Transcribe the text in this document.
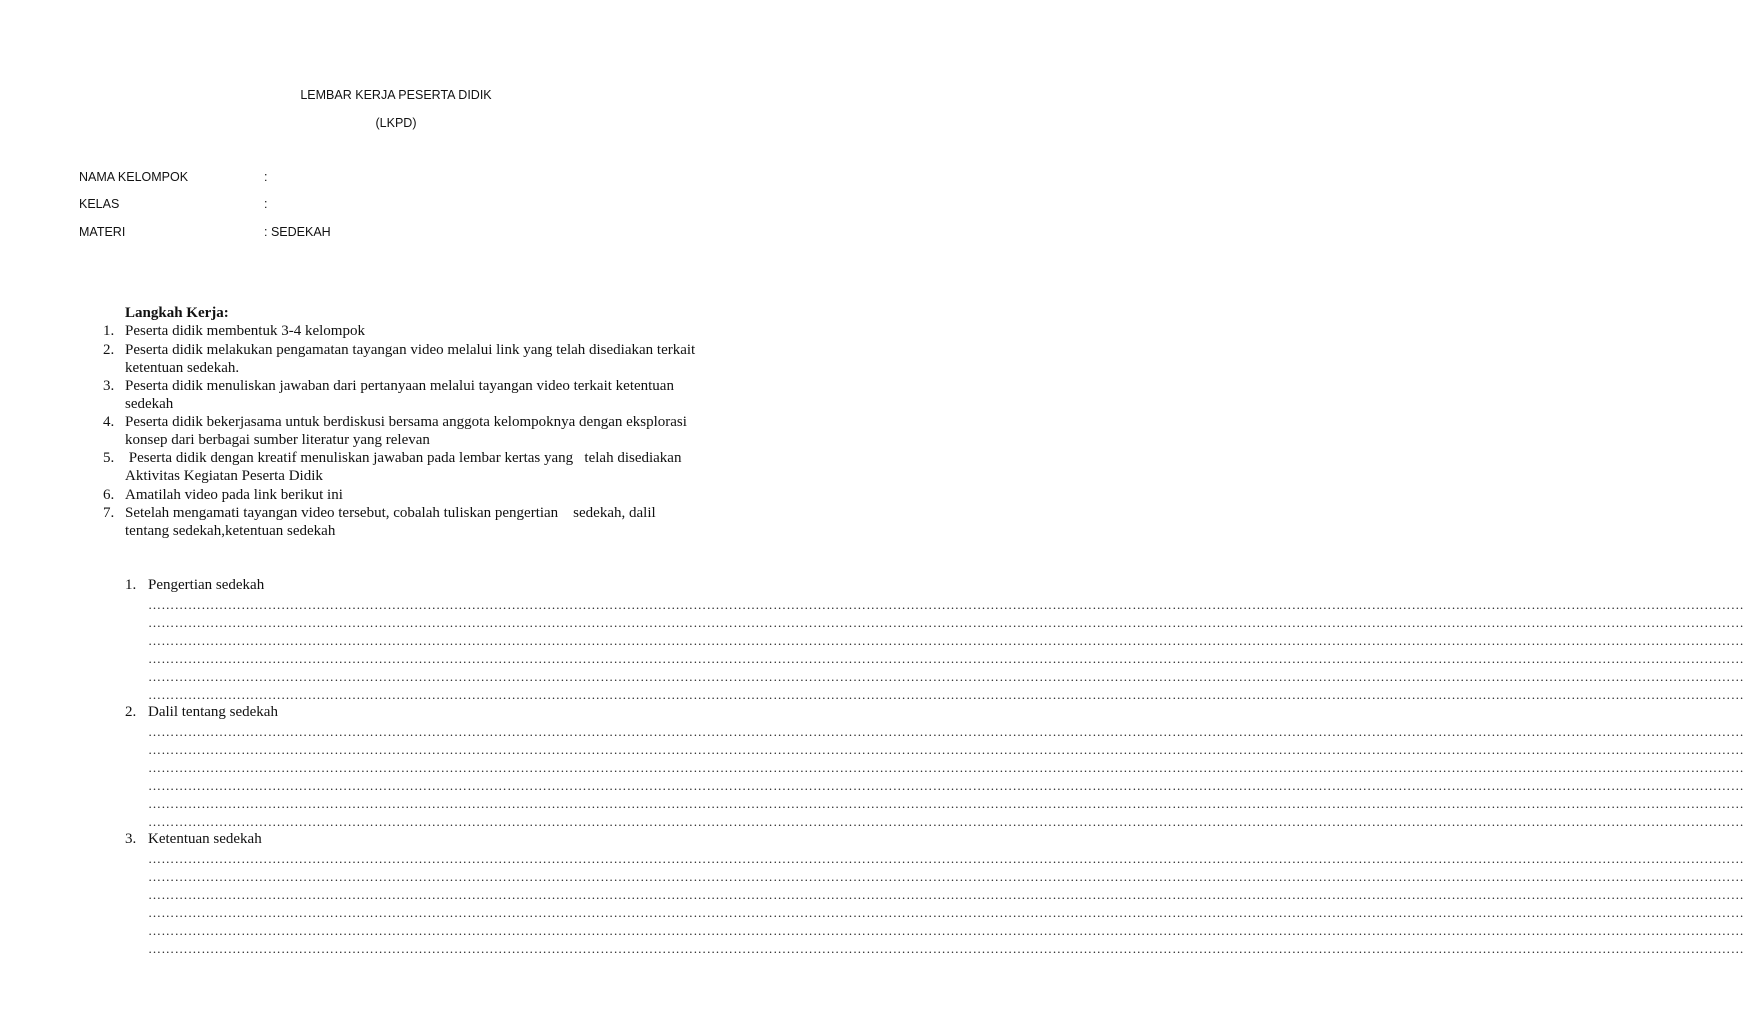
LEMBAR KERJA PESERTA DIDIK
(LKPD)
NAMA KELOMPOK	:
KELAS	:
MATERI	: SEDEKAH
Langkah Kerja:
1. Peserta didik membentuk 3-4 kelompok
2. Peserta didik melakukan pengamatan tayangan video melalui link yang telah disediakan terkait
ketentuan sedekah.
3. Peserta didik menuliskan jawaban dari pertanyaan melalui tayangan video terkait ketentuan
sedekah
4. Peserta didik bekerjasama untuk berdiskusi bersama anggota kelompoknya dengan eksplorasi
konsep dari berbagai sumber literatur yang relevan
5. Peserta didik dengan kreatif menuliskan jawaban pada lembar kertas yang   telah disediakan
Aktivitas Kegiatan Peserta Didik
6. Amatilah video pada link berikut ini
7. Setelah mengamati tayangan video tersebut, cobalah tuliskan pengertian    sedekah, dalil
tentang sedekah,ketentuan sedekah
1. Pengertian sedekah
………………………………………………………………………………………………………………………………………………………………………………………………………………………………………………………………………………………………………………………………
………………………………………………………………………………………………………………………………………………………………………………………………………………………………………………………………………………………………………………………………
………………………………………………………………………………………………………………………………………………………………………………………………………………………………………………………………………………………………………………………………
………………………………………………………………………………………………………………………………………………………………………………………………………………………………………………………………………………………………………………………………
………………………………………………………………………………………………………………………………………………………………………………………………………………………………………………………………………………………………………………………………
………………………………………………………………………………………………………………………………………………………………………………………………………………………………………………………………………………………………………………………………
2. Dalil tentang sedekah
………………………………………………………………………………………………………………………………………………………………………………………………………………………………………………………………………………………………………………………………
………………………………………………………………………………………………………………………………………………………………………………………………………………………………………………………………………………………………………………………………
………………………………………………………………………………………………………………………………………………………………………………………………………………………………………………………………………………………………………………………………
………………………………………………………………………………………………………………………………………………………………………………………………………………………………………………………………………………………………………………………………
………………………………………………………………………………………………………………………………………………………………………………………………………………………………………………………………………………………………………………………………
………………………………………………………………………………………………………………………………………………………………………………………………………………………………………………………………………………………………………………………………
3. Ketentuan sedekah
………………………………………………………………………………………………………………………………………………………………………………………………………………………………………………………………………………………………………………………………
………………………………………………………………………………………………………………………………………………………………………………………………………………………………………………………………………………………………………………………………
………………………………………………………………………………………………………………………………………………………………………………………………………………………………………………………………………………………………………………………………
………………………………………………………………………………………………………………………………………………………………………………………………………………………………………………………………………………………………………………………………
………………………………………………………………………………………………………………………………………………………………………………………………………………………………………………………………………………………………………………………………
………………………………………………………………………………………………………………………………………………………………………………………………………………………………………………………………………………………………………………………………
